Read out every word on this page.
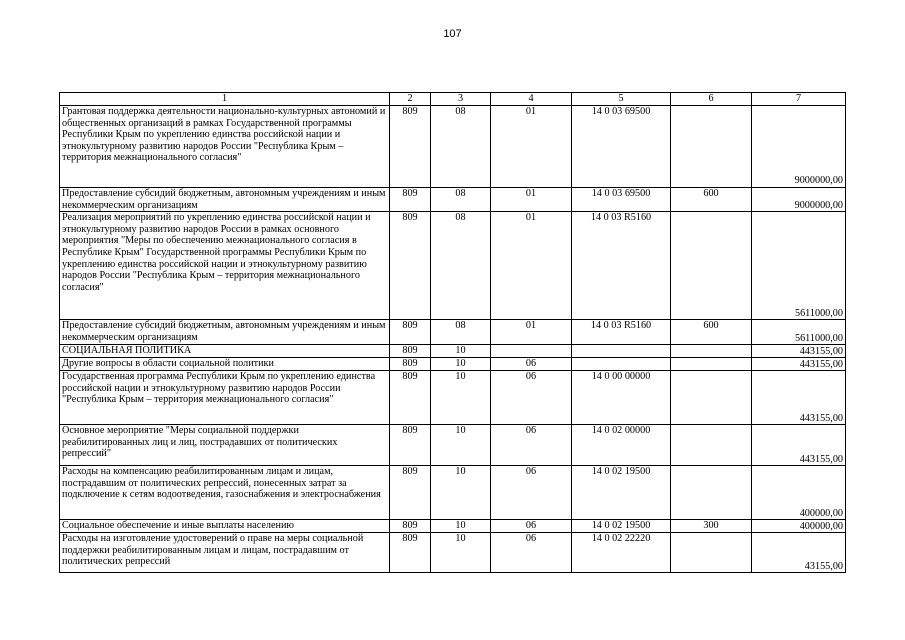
107
1	2	3	4	5	6	7
Грантовая поддержка деятельности национально-культурных автономий и общественных организаций в рамках Государственной программы Республики Крым по укреплению единства российской нации и этнокультурному развитию народов России "Республика Крым – территория межнационального согласия"	809	08	01	14 0 03 69500		9000000,00
Предоставление субсидий бюджетным, автономным учреждениям и иным некоммерческим организациям	809	08	01	14 0 03 69500	600	9000000,00
Реализация мероприятий по укреплению единства российской нации и этнокультурному развитию народов России в рамках основного мероприятия "Меры по обеспечению межнационального согласия в Республике Крым" Государственной программы Республики Крым по укреплению единства российской нации и этнокультурному развитию народов России "Республика Крым – территория межнационального согласия"	809	08	01	14 0 03 R5160		5611000,00
Предоставление субсидий бюджетным, автономным учреждениям и иным некоммерческим организациям	809	08	01	14 0 03 R5160	600	5611000,00
СОЦИАЛЬНАЯ ПОЛИТИКА	809	10				443155,00
Другие вопросы в области социальной политики	809	10	06			443155,00
Государственная программа Республики Крым по укреплению единства российской нации и этнокультурному развитию народов России "Республика Крым – территория межнационального согласия"	809	10	06	14 0 00 00000		443155,00
Основное мероприятие "Меры социальной поддержки реабилитированных лиц и лиц, пострадавших от политических репрессий"	809	10	06	14 0 02 00000		443155,00
Расходы на компенсацию реабилитированным лицам и лицам, пострадавшим от политических репрессий, понесенных затрат за подключение к сетям водоотведения, газоснабжения и электроснабжения	809	10	06	14 0 02 19500		400000,00
Социальное обеспечение и иные выплаты населению	809	10	06	14 0 02 19500	300	400000,00
Расходы на изготовление удостоверений о праве на меры социальной поддержки реабилитированным лицам и лицам, пострадавшим от политических репрессий	809	10	06	14 0 02 22220		43155,00
